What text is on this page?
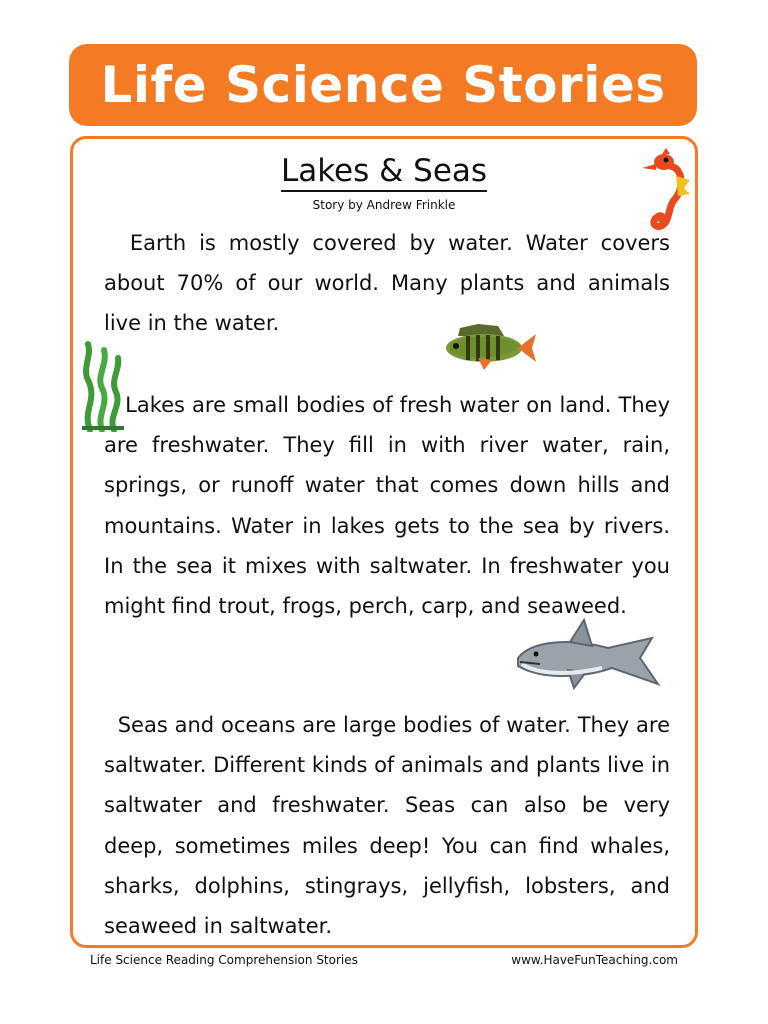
Life Science Stories
Lakes & Seas
Story by Andrew Frinkle

Earth is mostly covered by water. Water covers about 70% of our world. Many plants and animals live in the water.

Lakes are small bodies of fresh water on land. They are freshwater. They fill in with river water, rain, springs, or runoff water that comes down hills and mountains. Water in lakes gets to the sea by rivers. In the sea it mixes with saltwater. In freshwater you might find trout, frogs, perch, carp, and seaweed.

Seas and oceans are large bodies of water. They are saltwater. Different kinds of animals and plants live in saltwater and freshwater. Seas can also be very deep, sometimes miles deep! You can find whales, sharks, dolphins, stingrays, jellyfish, lobsters, and seaweed in saltwater.

Life Science Reading Comprehension Stories	www.HaveFunTeaching.com
